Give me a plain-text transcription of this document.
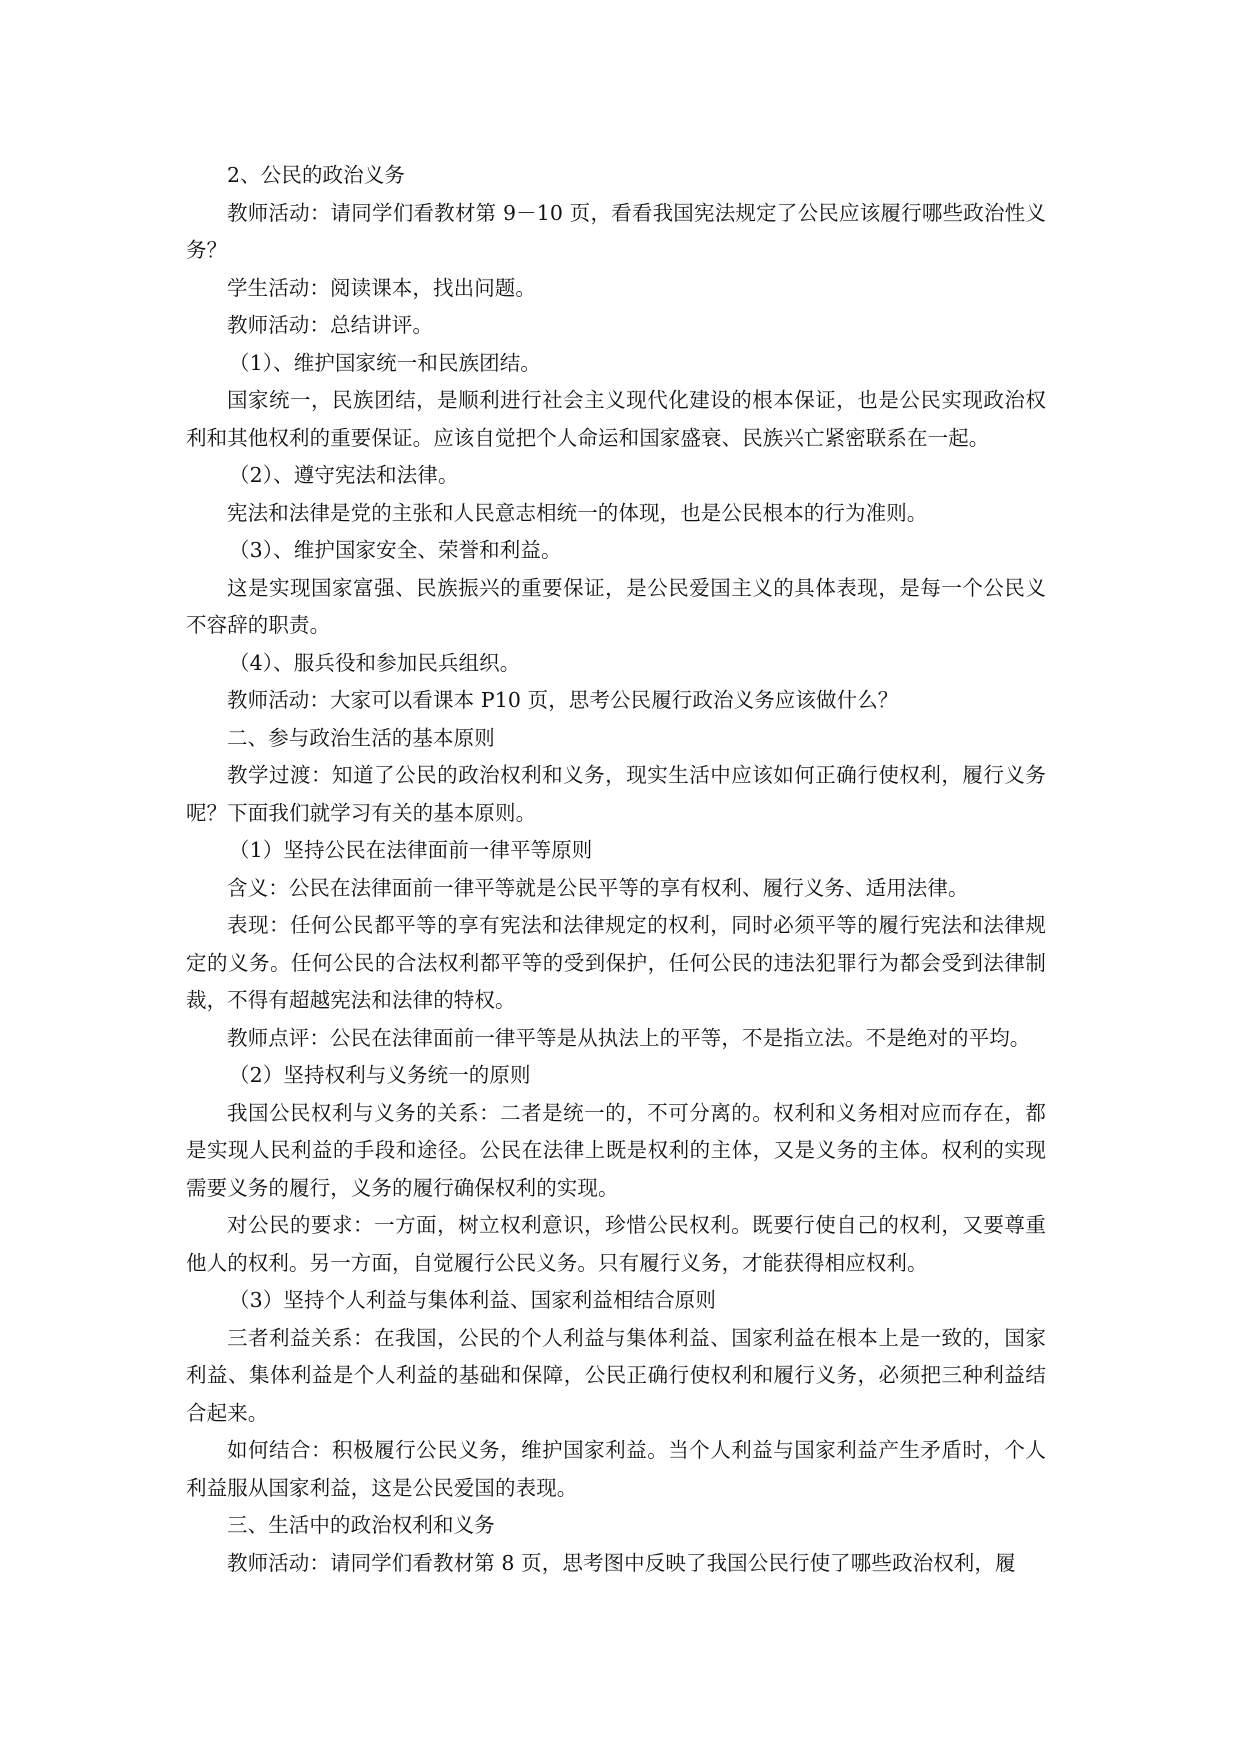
2、公民的政治义务

教师活动：请同学们看教材第 9－10 页，看看我国宪法规定了公民应该履行哪些政治性义务？

学生活动：阅读课本，找出问题。

教师活动：总结讲评。

（1）、维护国家统一和民族团结。

国家统一，民族团结，是顺利进行社会主义现代化建设的根本保证，也是公民实现政治权利和其他权利的重要保证。应该自觉把个人命运和国家盛衰、民族兴亡紧密联系在一起。

（2）、遵守宪法和法律。

宪法和法律是党的主张和人民意志相统一的体现，也是公民根本的行为准则。

（3）、维护国家安全、荣誉和利益。

这是实现国家富强、民族振兴的重要保证，是公民爱国主义的具体表现，是每一个公民义不容辞的职责。

（4）、服兵役和参加民兵组织。

教师活动：大家可以看课本 P10 页，思考公民履行政治义务应该做什么？

二、参与政治生活的基本原则

教学过渡：知道了公民的政治权利和义务，现实生活中应该如何正确行使权利，履行义务呢？下面我们就学习有关的基本原则。

（1）坚持公民在法律面前一律平等原则

含义：公民在法律面前一律平等就是公民平等的享有权利、履行义务、适用法律。

表现：任何公民都平等的享有宪法和法律规定的权利，同时必须平等的履行宪法和法律规定的义务。任何公民的合法权利都平等的受到保护，任何公民的违法犯罪行为都会受到法律制裁，不得有超越宪法和法律的特权。

教师点评：公民在法律面前一律平等是从执法上的平等，不是指立法。不是绝对的平均。

（2）坚持权利与义务统一的原则

我国公民权利与义务的关系：二者是统一的，不可分离的。权利和义务相对应而存在，都是实现人民利益的手段和途径。公民在法律上既是权利的主体，又是义务的主体。权利的实现需要义务的履行，义务的履行确保权利的实现。

对公民的要求：一方面，树立权利意识，珍惜公民权利。既要行使自己的权利，又要尊重他人的权利。另一方面，自觉履行公民义务。只有履行义务，才能获得相应权利。

（3）坚持个人利益与集体利益、国家利益相结合原则

三者利益关系：在我国，公民的个人利益与集体利益、国家利益在根本上是一致的，国家利益、集体利益是个人利益的基础和保障，公民正确行使权利和履行义务，必须把三种利益结合起来。

如何结合：积极履行公民义务，维护国家利益。当个人利益与国家利益产生矛盾时，个人利益服从国家利益，这是公民爱国的表现。

三、生活中的政治权利和义务

教师活动：请同学们看教材第 8 页，思考图中反映了我国公民行使了哪些政治权利，履
